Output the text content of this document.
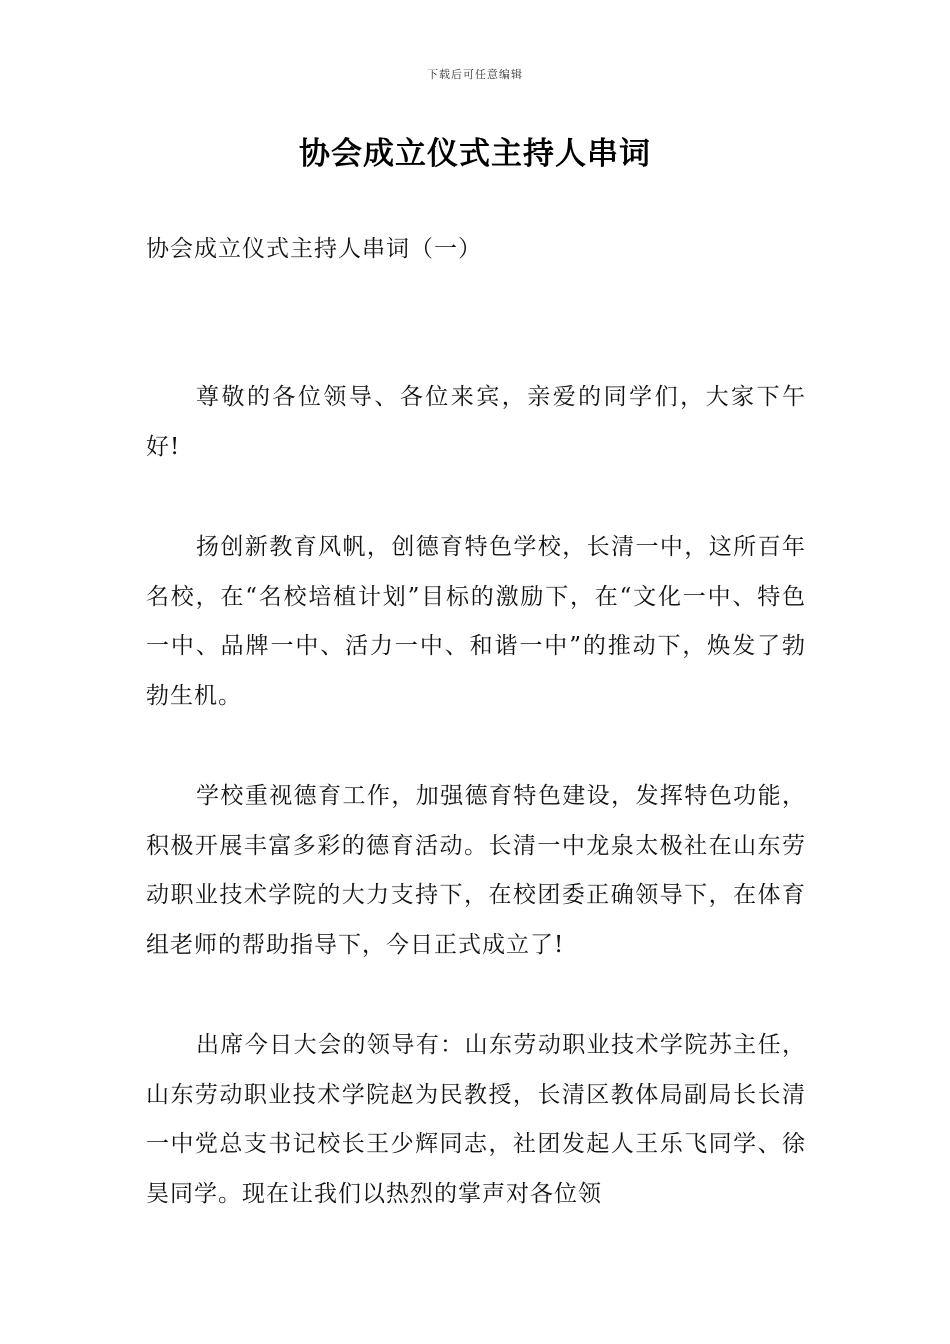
下载后可任意编辑
协会成立仪式主持人串词
协会成立仪式主持人串词（一）

尊敬的各位领导、各位来宾，亲爱的同学们，大家下午好!

扬创新教育风帆，创德育特色学校，长清一中，这所百年名校，在“名校培植计划”目标的激励下，在“文化一中、特色一中、品牌一中、活力一中、和谐一中”的推动下，焕发了勃勃生机。

学校重视德育工作，加强德育特色建设，发挥特色功能，积极开展丰富多彩的德育活动。长清一中龙泉太极社在山东劳动职业技术学院的大力支持下，在校团委正确领导下，在体育组老师的帮助指导下，今日正式成立了!

出席今日大会的领导有：山东劳动职业技术学院苏主任，山东劳动职业技术学院赵为民教授，长清区教体局副局长长清一中党总支书记校长王少辉同志，社团发起人王乐飞同学、徐昊同学。现在让我们以热烈的掌声对各位领
